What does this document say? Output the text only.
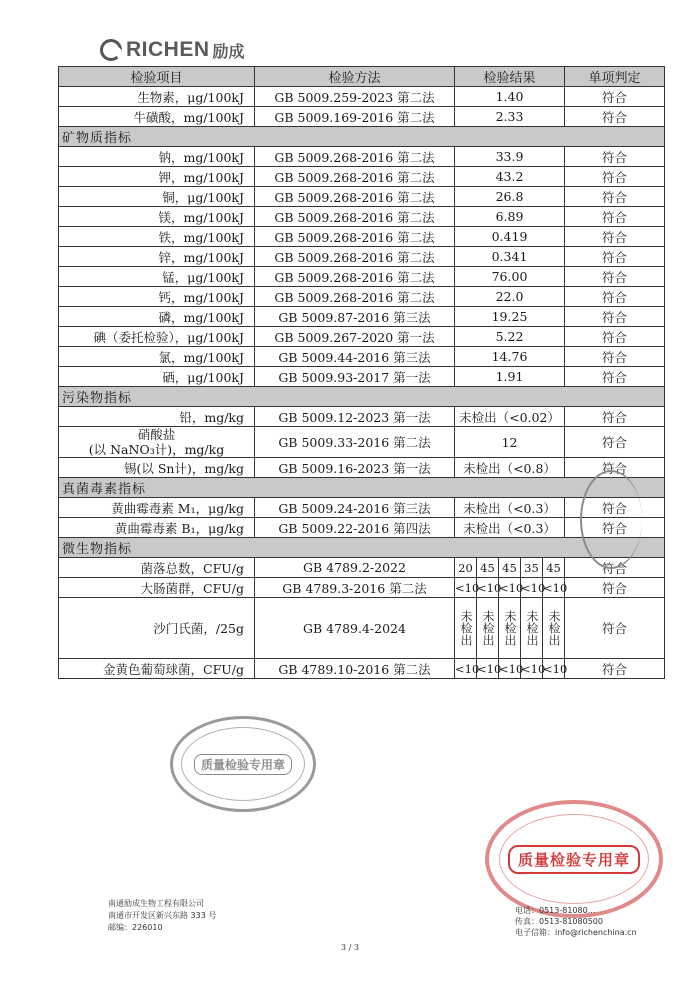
RICHEN 励成
检验项目	检验方法	检验结果					单项判定
生物素，μg/100kJ	GB 5009.259-2023 第二法	1.40					符合
牛磺酸，mg/100kJ	GB 5009.169-2016 第二法	2.33					符合
矿物质指标							
钠，mg/100kJ	GB 5009.268-2016 第二法	33.9					符合
钾，mg/100kJ	GB 5009.268-2016 第二法	43.2					符合
铜，μg/100kJ	GB 5009.268-2016 第二法	26.8					符合
镁，mg/100kJ	GB 5009.268-2016 第二法	6.89					符合
铁，mg/100kJ	GB 5009.268-2016 第二法	0.419					符合
锌，mg/100kJ	GB 5009.268-2016 第二法	0.341					符合
锰，μg/100kJ	GB 5009.268-2016 第二法	76.00					符合
钙，mg/100kJ	GB 5009.268-2016 第二法	22.0					符合
磷，mg/100kJ	GB 5009.87-2016 第三法	19.25					符合
碘（委托检验），μg/100kJ	GB 5009.267-2020 第一法	5.22					符合
氯，mg/100kJ	GB 5009.44-2016 第三法	14.76					符合
硒，μg/100kJ	GB 5009.93-2017 第一法	1.91					符合
污染物指标							
铅，mg/kg	GB 5009.12-2023 第一法	未检出（<0.02）					符合

硝酸盐
(以 NaNO₃计)，mg/kg	GB 5009.33-2016 第二法	12					符合
锡(以 Sn计)，mg/kg	GB 5009.16-2023 第一法	未检出（<0.8）					符合
真菌毒素指标							
黄曲霉毒素 M₁，μg/kg	GB 5009.24-2016 第三法	未检出（<0.3）					符合
黄曲霉毒素 B₁，μg/kg	GB 5009.22-2016 第四法	未检出（<0.3）					符合
微生物指标							
菌落总数，CFU/g	GB 4789.2-2022	20	45	45	35	45	符合
大肠菌群，CFU/g	GB 4789.3-2016 第二法	<10	<10	<10	<10	<10	符合
沙门氏菌，/25g	GB 4789.4-2024	未检出	未检出	未检出	未检出	未检出	符合
金黄色葡萄球菌，CFU/g	GB 4789.10-2016 第二法	<10	<10	<10	<10	<10	符合
质量检验专用章
质量检验专用章
南通励成生物工程有限公司
南通市开发区新兴东路 333 号
邮编：226010
电话：0513-81080...
传真：0513-81080500
电子信箱：info@richenchina.cn
3 / 3
